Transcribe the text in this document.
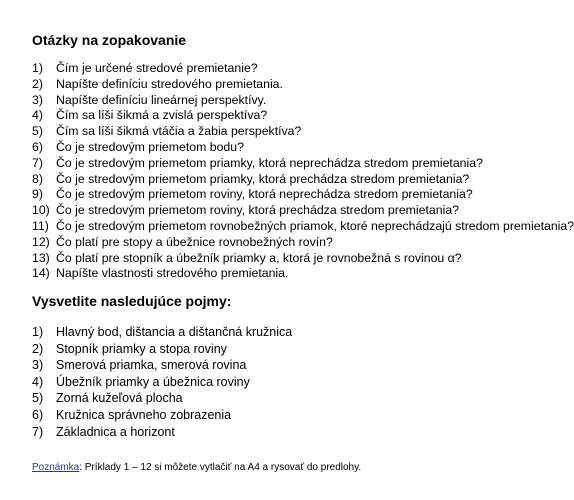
Otázky na zopakovanie
1)	Čím je určené stredové premietanie?
2)	Napíšte definíciu stredového premietania.
3)	Napíšte definíciu lineárnej perspektívy.
4)	Čím sa líši šikmá a zvislá perspektíva?
5)	Čím sa líši šikmá vtáčia a žabia perspektíva?
6)	Čo je stredovým priemetom bodu?
7)	Čo je stredovým priemetom priamky, ktorá neprechádza stredom premietania?
8)	Čo je stredovým priemetom priamky, ktorá prechádza stredom premietania?
9)	Čo je stredovým priemetom roviny, ktorá neprechádza stredom premietania?
10) Čo je stredovým priemetom roviny, ktorá prechádza stredom premietania?
11) Čo je stredovým priemetom rovnobežných priamok, ktoré neprechádzajú stredom premietania?
12) Čo platí pre stopy a úbežnice rovnobežných rovín?
13) Čo platí pre stopník a úbežník priamky a, ktorá je rovnobežná s rovinou α?
14) Napíšte vlastnosti stredového premietania.
Vysvetlite nasledujúce pojmy:
1)	Hlavný bod, dištancia a dištančná kružnica
2)	Stopník priamky a stopa roviny
3)	Smerová priamka, smerová rovina
4)	Úbežník priamky a úbežnica roviny
5)	Zorná kužeľová plocha
6)	Kružnica správneho zobrazenia
7)	Základnica a horizont
Poznámka: Príklady 1 – 12 si môžete vytlačiť na A4 a rysovať do predlohy.
